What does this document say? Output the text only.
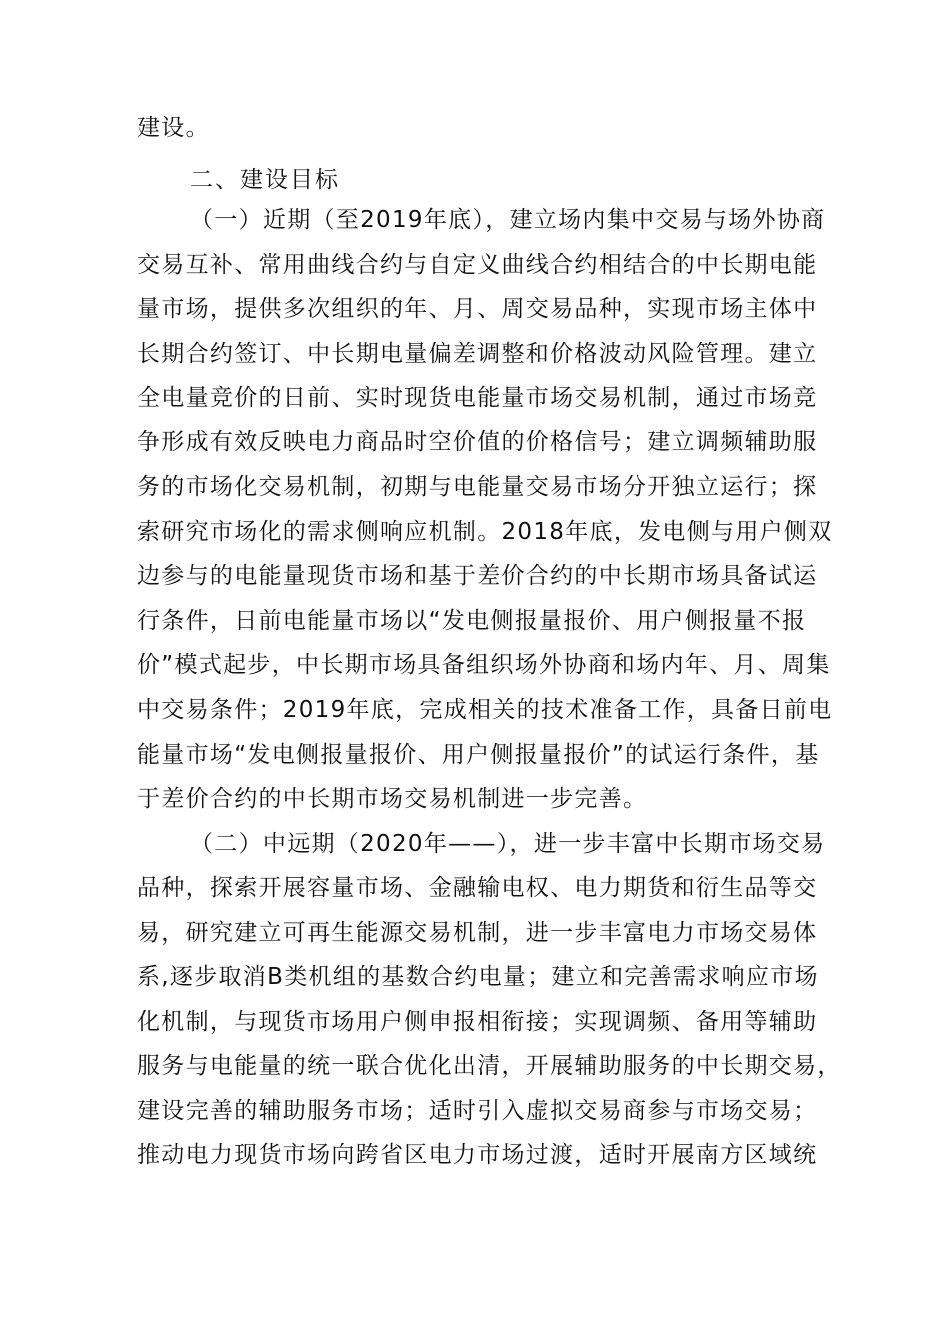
建设。
二、建设目标
（一）近期（至2019年底），建立场内集中交易与场外协商
交易互补、常用曲线合约与自定义曲线合约相结合的中长期电能
量市场，提供多次组织的年、月、周交易品种，实现市场主体中
长期合约签订、中长期电量偏差调整和价格波动风险管理。建立
全电量竞价的日前、实时现货电能量市场交易机制，通过市场竞
争形成有效反映电力商品时空价值的价格信号；建立调频辅助服
务的市场化交易机制，初期与电能量交易市场分开独立运行；探
索研究市场化的需求侧响应机制。2018年底，发电侧与用户侧双
边参与的电能量现货市场和基于差价合约的中长期市场具备试运
行条件，日前电能量市场以“发电侧报量报价、用户侧报量不报
价”模式起步，中长期市场具备组织场外协商和场内年、月、周集
中交易条件；2019年底，完成相关的技术准备工作，具备日前电
能量市场“发电侧报量报价、用户侧报量报价”的试运行条件，基
于差价合约的中长期市场交易机制进一步完善。
（二）中远期（2020年——），进一步丰富中长期市场交易
品种，探索开展容量市场、金融输电权、电力期货和衍生品等交
易，研究建立可再生能源交易机制，进一步丰富电力市场交易体
系,逐步取消B类机组的基数合约电量；建立和完善需求响应市场
化机制，与现货市场用户侧申报相衔接；实现调频、备用等辅助
服务与电能量的统一联合优化出清，开展辅助服务的中长期交易，
建设完善的辅助服务市场；适时引入虚拟交易商参与市场交易；
推动电力现货市场向跨省区电力市场过渡，适时开展南方区域统
